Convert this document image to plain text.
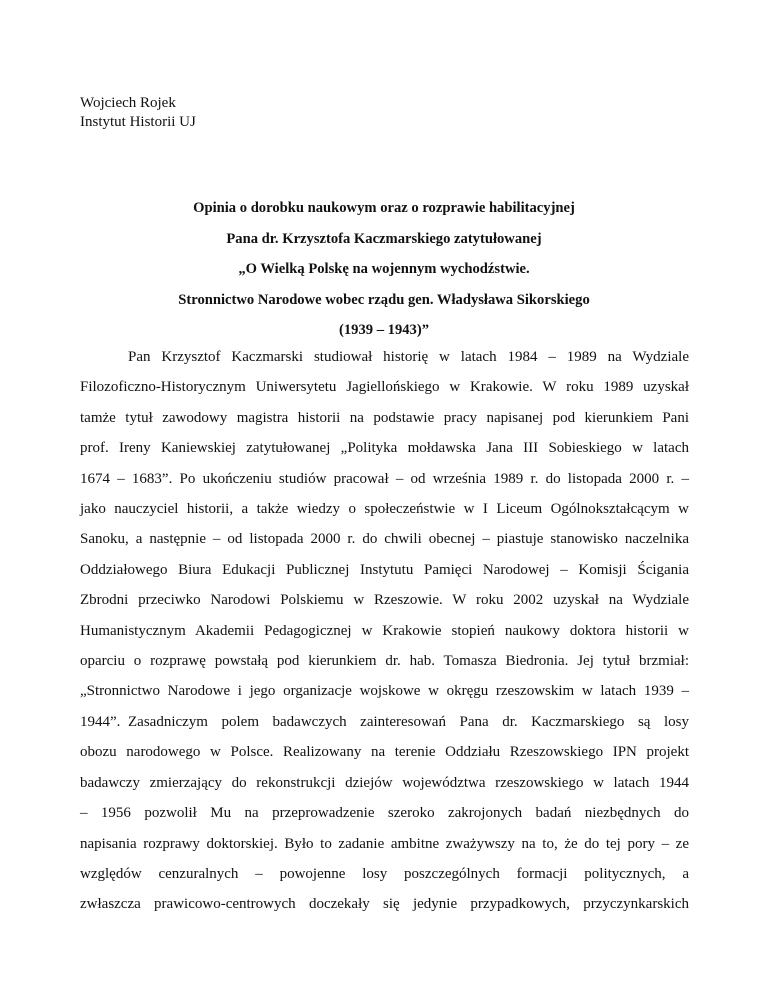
Wojciech Rojek
Instytut Historii UJ
Opinia o dorobku naukowym oraz o rozprawie habilitacyjnej
Pana dr. Krzysztofa Kaczmarskiego zatytułowanej
„O Wielką Polskę na wojennym wychodźstwie.
Stronnictwo Narodowe wobec rządu gen. Władysława Sikorskiego
(1939 – 1943)”
Pan Krzysztof Kaczmarski studiował historię w latach 1984 – 1989 na Wydziale
Filozoficzno-Historycznym Uniwersytetu Jagiellońskiego w Krakowie. W roku 1989 uzyskał
tamże tytuł zawodowy magistra historii na podstawie pracy napisanej pod kierunkiem Pani
prof. Ireny Kaniewskiej zatytułowanej „Polityka mołdawska Jana III Sobieskiego w latach
1674 – 1683”. Po ukończeniu studiów pracował – od września 1989 r. do listopada 2000 r. –
jako nauczyciel historii, a także wiedzy o społeczeństwie w I Liceum Ogólnokształcącym w
Sanoku, a następnie – od listopada 2000 r. do chwili obecnej – piastuje stanowisko naczelnika
Oddziałowego Biura Edukacji Publicznej Instytutu Pamięci Narodowej – Komisji Ścigania
Zbrodni przeciwko Narodowi Polskiemu w Rzeszowie. W roku 2002 uzyskał na Wydziale
Humanistycznym Akademii Pedagogicznej w Krakowie stopień naukowy doktora historii w
oparciu o rozprawę powstałą pod kierunkiem dr. hab. Tomasza Biedronia. Jej tytuł brzmiał:
„Stronnictwo Narodowe i jego organizacje wojskowe w okręgu rzeszowskim w latach 1939 –
1944”. Zasadniczym polem badawczych zainteresowań Pana dr. Kaczmarskiego są losy
obozu narodowego w Polsce. Realizowany na terenie Oddziału Rzeszowskiego IPN projekt
badawczy zmierzający do rekonstrukcji dziejów województwa rzeszowskiego w latach 1944
– 1956 pozwolił Mu na przeprowadzenie szeroko zakrojonych badań niezbędnych do
napisania rozprawy doktorskiej. Było to zadanie ambitne zważywszy na to, że do tej pory – ze
względów cenzuralnych – powojenne losy poszczególnych formacji politycznych, a
zwłaszcza prawicowo-centrowych doczekały się jedynie przypadkowych, przyczynkarskich
